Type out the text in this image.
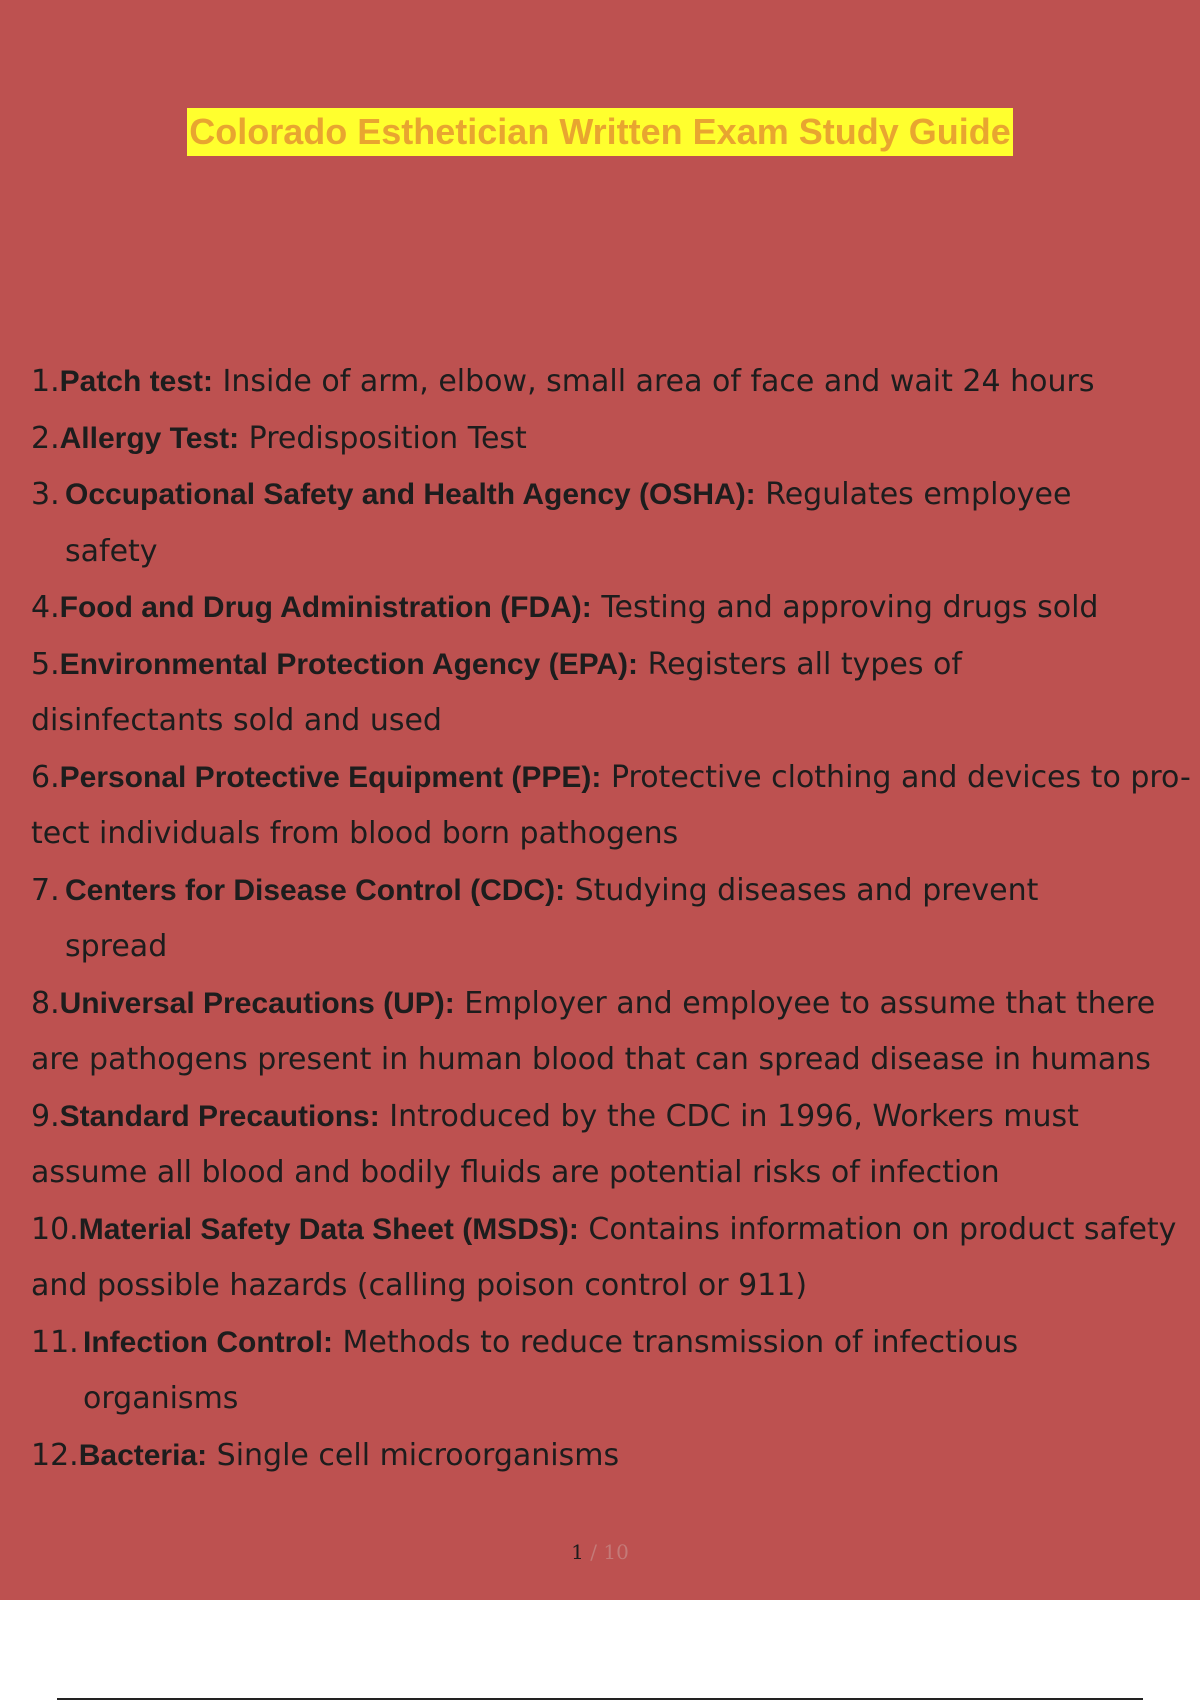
Colorado Esthetician Written Exam Study Guide
1.Patch test: Inside of arm, elbow, small area of face and wait 24 hours
2.Allergy Test: Predisposition Test
3. Occupational Safety and Health Agency (OSHA): Regulates employee safety
4.Food and Drug Administration (FDA): Testing and approving drugs sold
5.Environmental Protection Agency (EPA): Registers all types of disinfectants sold and used
6.Personal Protective Equipment (PPE): Protective clothing and devices to pro- tect individuals from blood born pathogens
7. Centers for Disease Control (CDC): Studying diseases and prevent spread
8.Universal Precautions (UP): Employer and employee to assume that there are pathogens present in human blood that can spread disease in humans
9.Standard Precautions: Introduced by the CDC in 1996, Workers must assume all blood and bodily fluids are potential risks of infection
10.Material Safety Data Sheet (MSDS): Contains information on product safety and possible hazards (calling poison control or 911)
11. Infection Control: Methods to reduce transmission of infectious organisms
12.Bacteria: Single cell microorganisms
1 / 10
